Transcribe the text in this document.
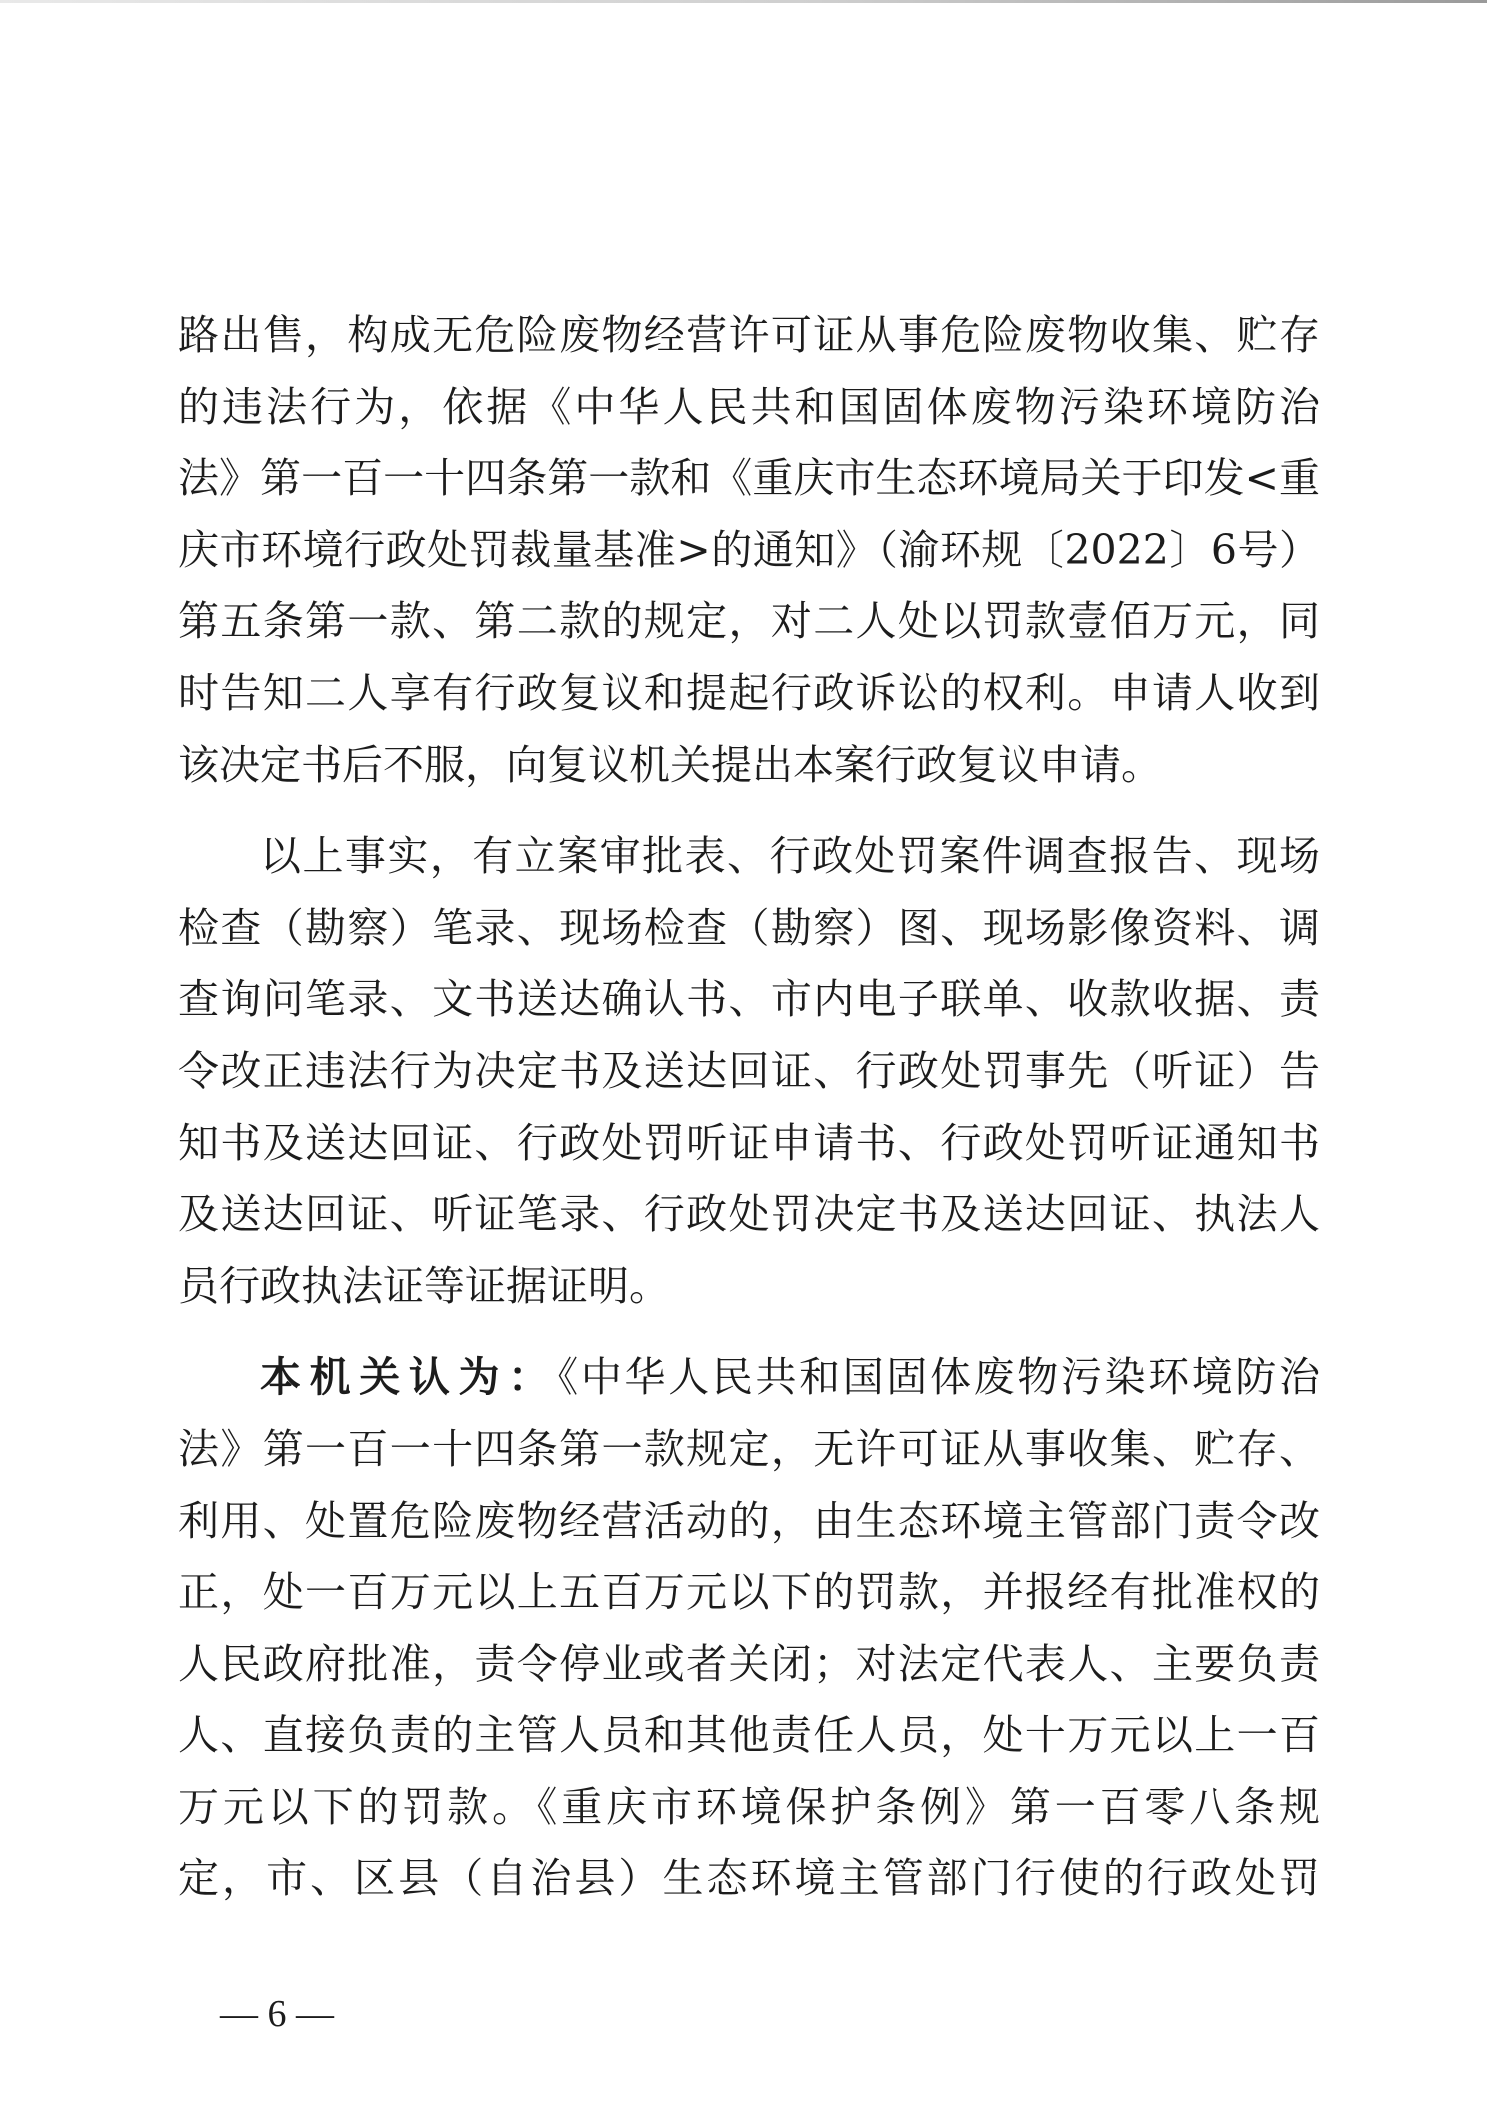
路出售，构成无危险废物经营许可证从事危险废物收集、贮存
的违法行为，依据《中华人民共和国固体废物污染环境防治
法》第一百一十四条第一款和《重庆市生态环境局关于印发<重
庆市环境行政处罚裁量基准>的通知》（渝环规〔2022〕6号）
第五条第一款、第二款的规定，对二人处以罚款壹佰万元，同
时告知二人享有行政复议和提起行政诉讼的权利。申请人收到
该决定书后不服，向复议机关提出本案行政复议申请。
以上事实，有立案审批表、行政处罚案件调查报告、现场
检查（勘察）笔录、现场检查（勘察）图、现场影像资料、调
查询问笔录、文书送达确认书、市内电子联单、收款收据、责
令改正违法行为决定书及送达回证、行政处罚事先（听证）告
知书及送达回证、行政处罚听证申请书、行政处罚听证通知书
及送达回证、听证笔录、行政处罚决定书及送达回证、执法人
员行政执法证等证据证明。
本机关认为：《中华人民共和国固体废物污染环境防治
法》第一百一十四条第一款规定，无许可证从事收集、贮存、
利用、处置危险废物经营活动的，由生态环境主管部门责令改
正，处一百万元以上五百万元以下的罚款，并报经有批准权的
人民政府批准，责令停业或者关闭；对法定代表人、主要负责
人、直接负责的主管人员和其他责任人员，处十万元以上一百
万元以下的罚款。《重庆市环境保护条例》第一百零八条规
定，市、区县（自治县）生态环境主管部门行使的行政处罚
— 6 —
